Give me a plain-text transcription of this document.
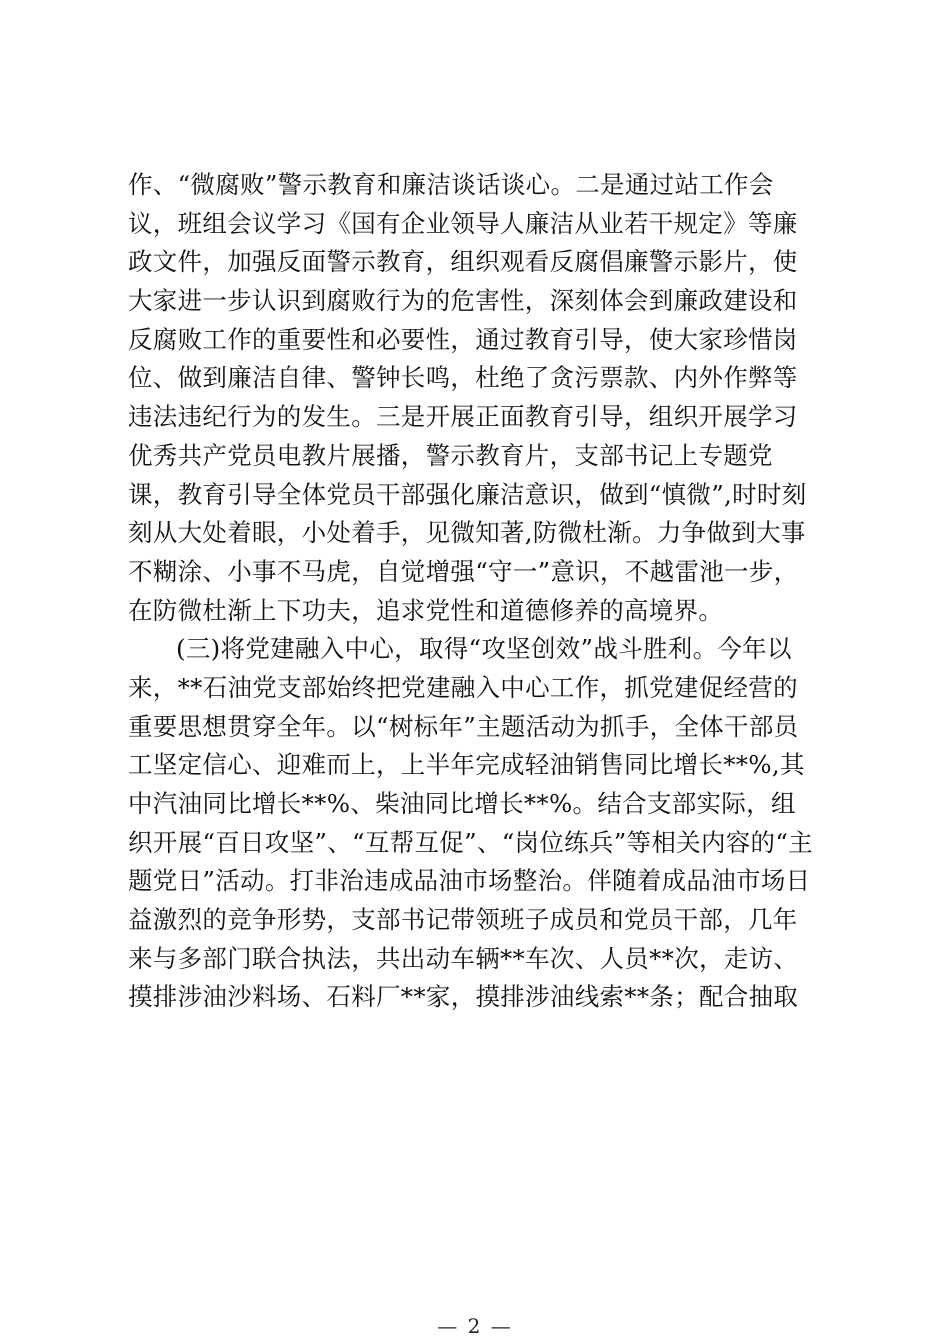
作、“微腐败”警示教育和廉洁谈话谈心。二是通过站工作会
议，班组会议学习《国有企业领导人廉洁从业若干规定》等廉
政文件，加强反面警示教育，组织观看反腐倡廉警示影片，使
大家进一步认识到腐败行为的危害性，深刻体会到廉政建设和
反腐败工作的重要性和必要性，通过教育引导，使大家珍惜岗
位、做到廉洁自律、警钟长鸣，杜绝了贪污票款、内外作弊等
违法违纪行为的发生。三是开展正面教育引导，组织开展学习
优秀共产党员电教片展播，警示教育片，支部书记上专题党
课，教育引导全体党员干部强化廉洁意识，做到“慎微”,时时刻
刻从大处着眼，小处着手，见微知著,防微杜渐。力争做到大事
不糊涂、小事不马虎，自觉增强“守一”意识，不越雷池一步，
在防微杜渐上下功夫，追求党性和道德修养的高境界。
(三)将党建融入中心，取得“攻坚创效”战斗胜利。今年以
来，**石油党支部始终把党建融入中心工作，抓党建促经营的
重要思想贯穿全年。以“树标年”主题活动为抓手，全体干部员
工坚定信心、迎难而上，上半年完成轻油销售同比增长**%,其
中汽油同比增长**%、柴油同比增长**%。结合支部实际，组
织开展“百日攻坚”、“互帮互促”、“岗位练兵”等相关内容的“主
题党日”活动。打非治违成品油市场整治。伴随着成品油市场日
益激烈的竞争形势，支部书记带领班子成员和党员干部，几年
来与多部门联合执法，共出动车辆**车次、人员**次，走访、
摸排涉油沙料场、石料厂**家，摸排涉油线索**条；配合抽取
— 2 —
